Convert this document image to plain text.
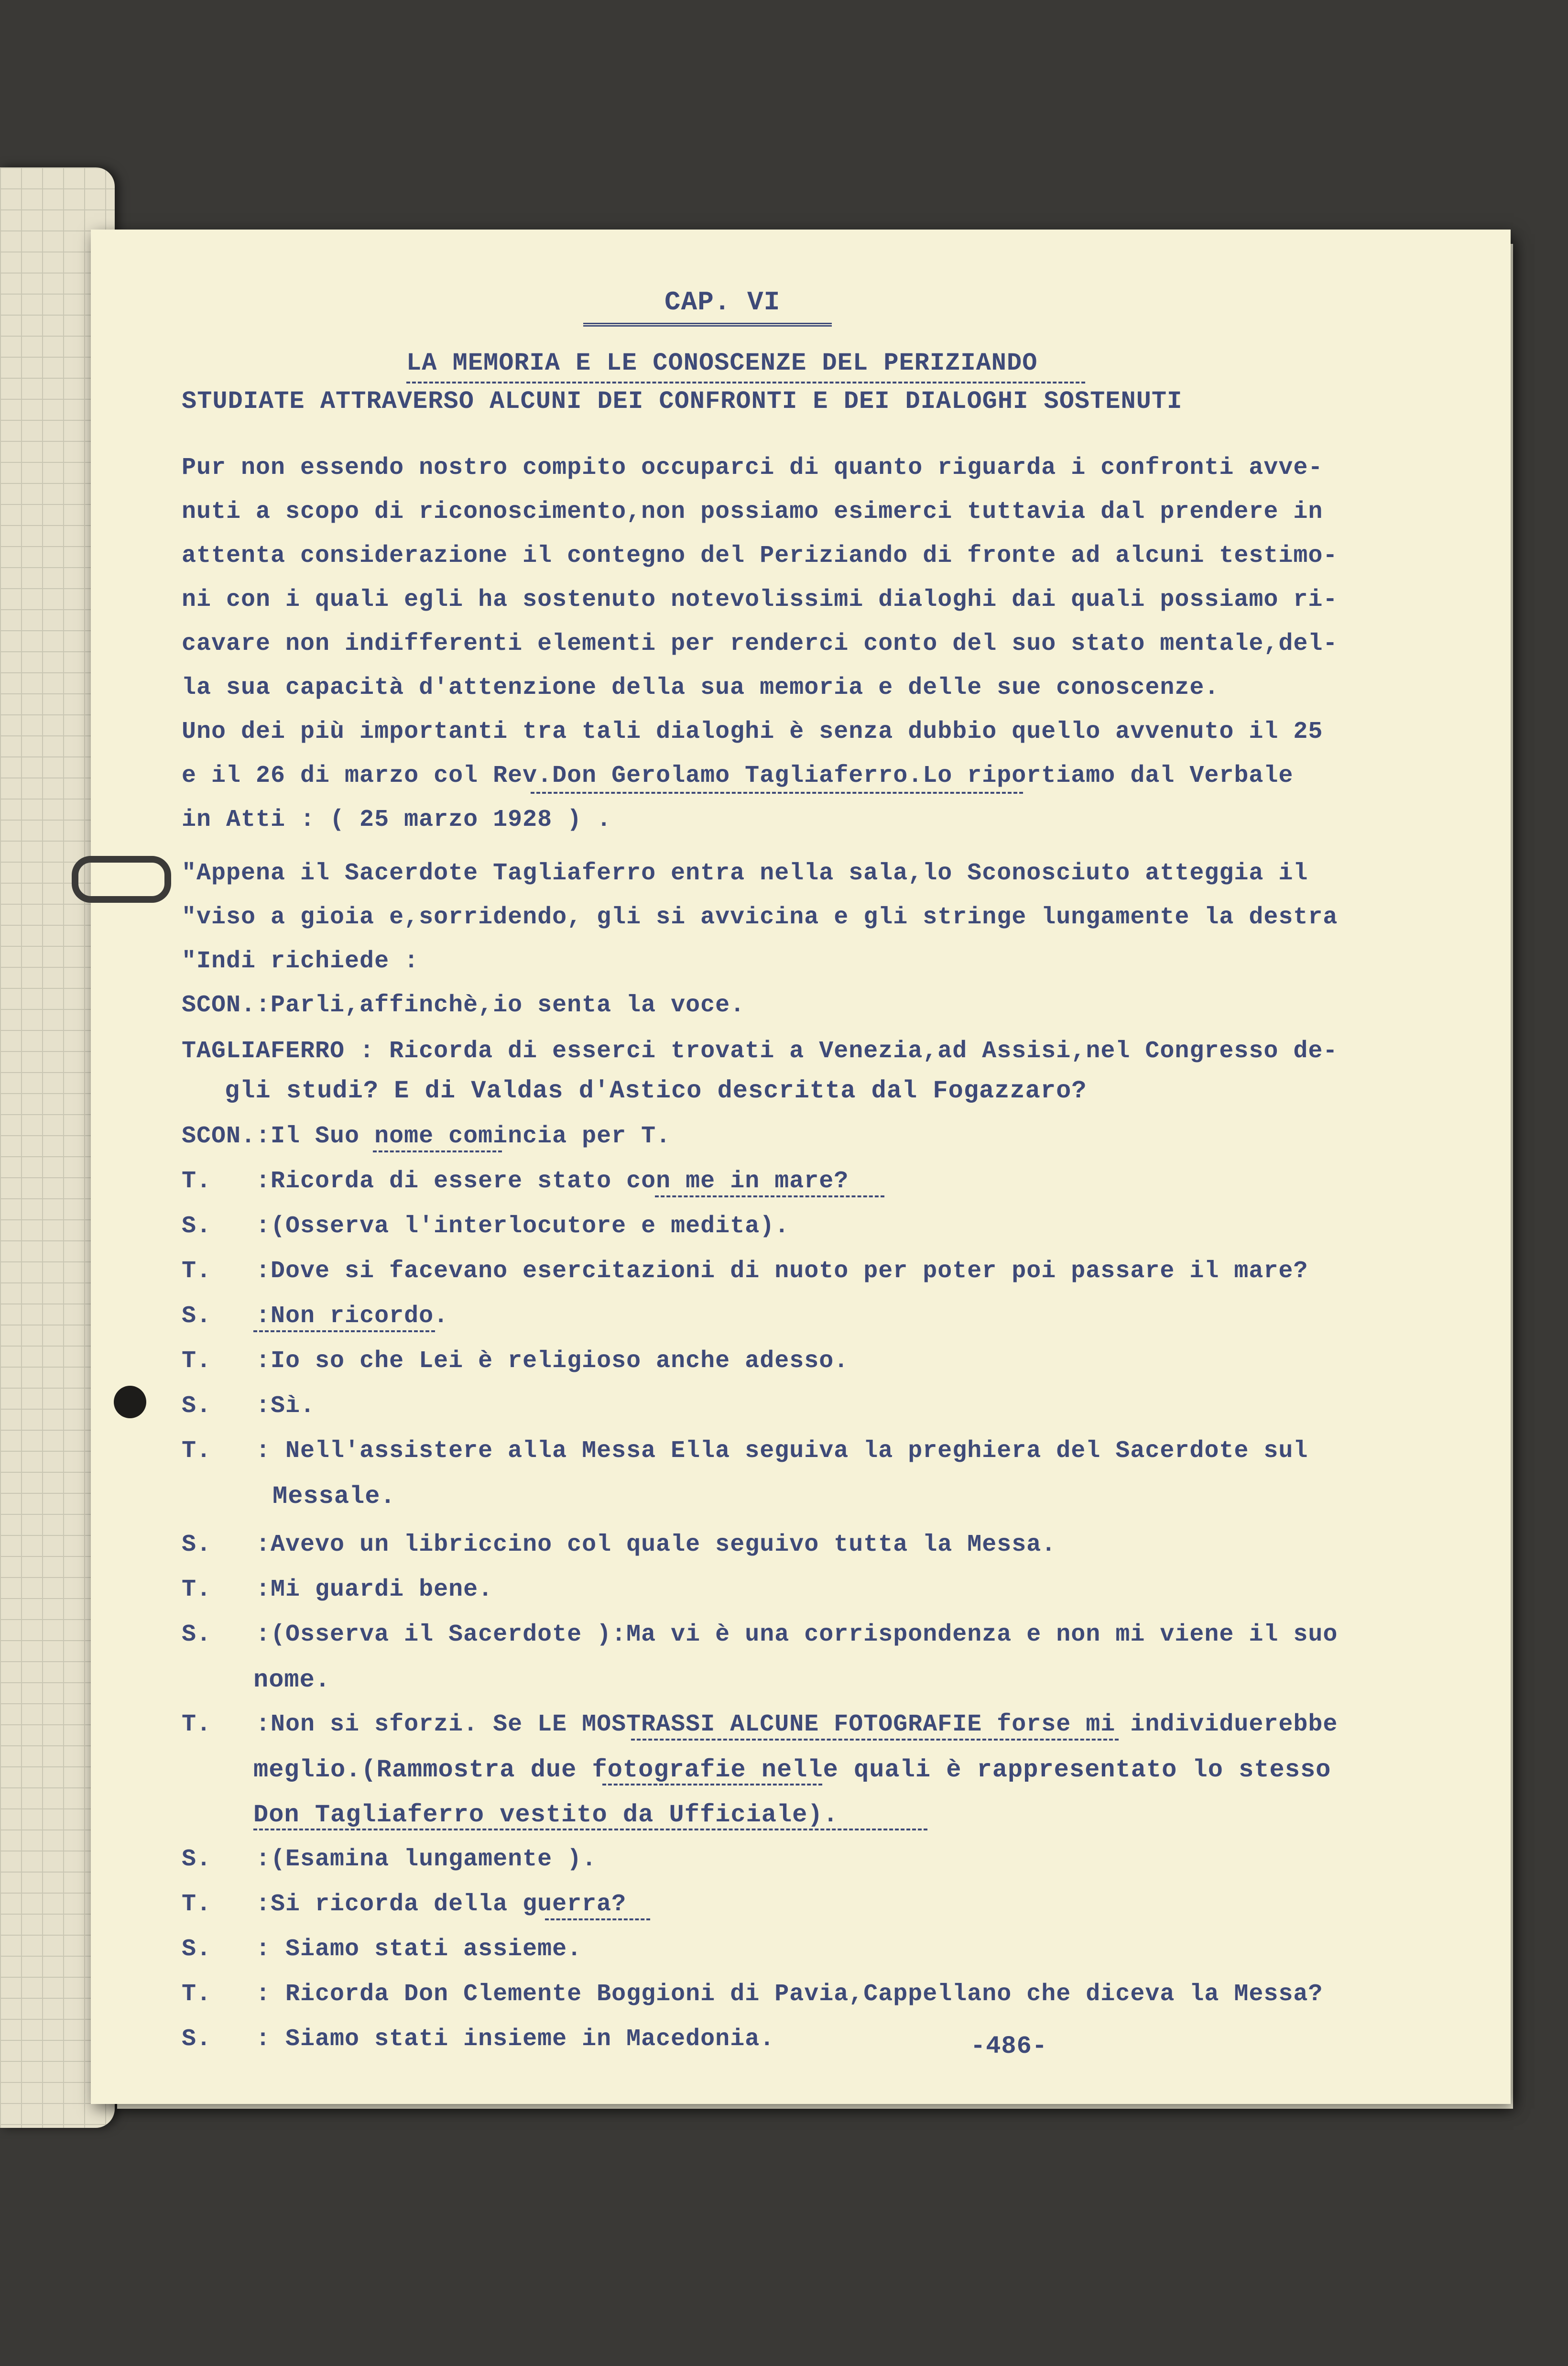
CAP. VI
LA MEMORIA E LE CONOSCENZE DEL PERIZIANDO
STUDIATE ATTRAVERSO ALCUNI DEI CONFRONTI E DEI DIALOGHI SOSTENUTI
Pur non essendo nostro compito occuparci di quanto riguarda i confronti avve-
nuti a scopo di riconoscimento,non possiamo esimerci tuttavia dal prendere in
attenta considerazione il contegno del Periziando di fronte ad alcuni testimo-
ni con i quali egli ha sostenuto notevolissimi dialoghi dai quali possiamo ri-
cavare non indifferenti elementi per renderci conto del suo stato mentale,del-
la sua capacità d'attenzione della sua memoria e delle sue conoscenze.
Uno dei più importanti tra tali dialoghi è senza dubbio quello avvenuto il 25
e il 26 di marzo col Rev.Don Gerolamo Tagliaferro.Lo riportiamo dal Verbale
in Atti : ( 25 marzo 1928 ) .
"Appena il Sacerdote Tagliaferro entra nella sala,lo Sconosciuto atteggia il
"viso a gioia e,sorridendo, gli si avvicina e gli stringe lungamente la destra
"Indi richiede :
SCON.:Parli,affinchè,io senta la voce.
TAGLIAFERRO : Ricorda di esserci trovati a Venezia,ad Assisi,nel Congresso de-
gli studi? E di Valdas d'Astico descritta dal Fogazzaro?
SCON.:Il Suo nome comincia per T.
T. :Ricorda di essere stato con me in mare?
S. :(Osserva l'interlocutore e medita).
T. :Dove si facevano esercitazioni di nuoto per poter poi passare il mare?
S. :Non ricordo.
T. :Io so che Lei è religioso anche adesso.
S. :Sì.
T. : Nell'assistere alla Messa Ella seguiva la preghiera del Sacerdote sul
Messale.
S. :Avevo un libriccino col quale seguivo tutta la Messa.
T. :Mi guardi bene.
S. :(Osserva il Sacerdote ):Ma vi è una corrispondenza e non mi viene il suo
nome.
T. :Non si sforzi. Se LE MOSTRASSI ALCUNE FOTOGRAFIE forse mi individuerebbe
meglio.(Rammostra due fotografie nelle quali è rappresentato lo stesso
Don Tagliaferro vestito da Ufficiale).
S. :(Esamina lungamente ).
T. :Si ricorda della guerra?
S. : Siamo stati assieme.
T. : Ricorda Don Clemente Boggioni di Pavia,Cappellano che diceva la Messa?
S. : Siamo stati insieme in Macedonia.	-486-
